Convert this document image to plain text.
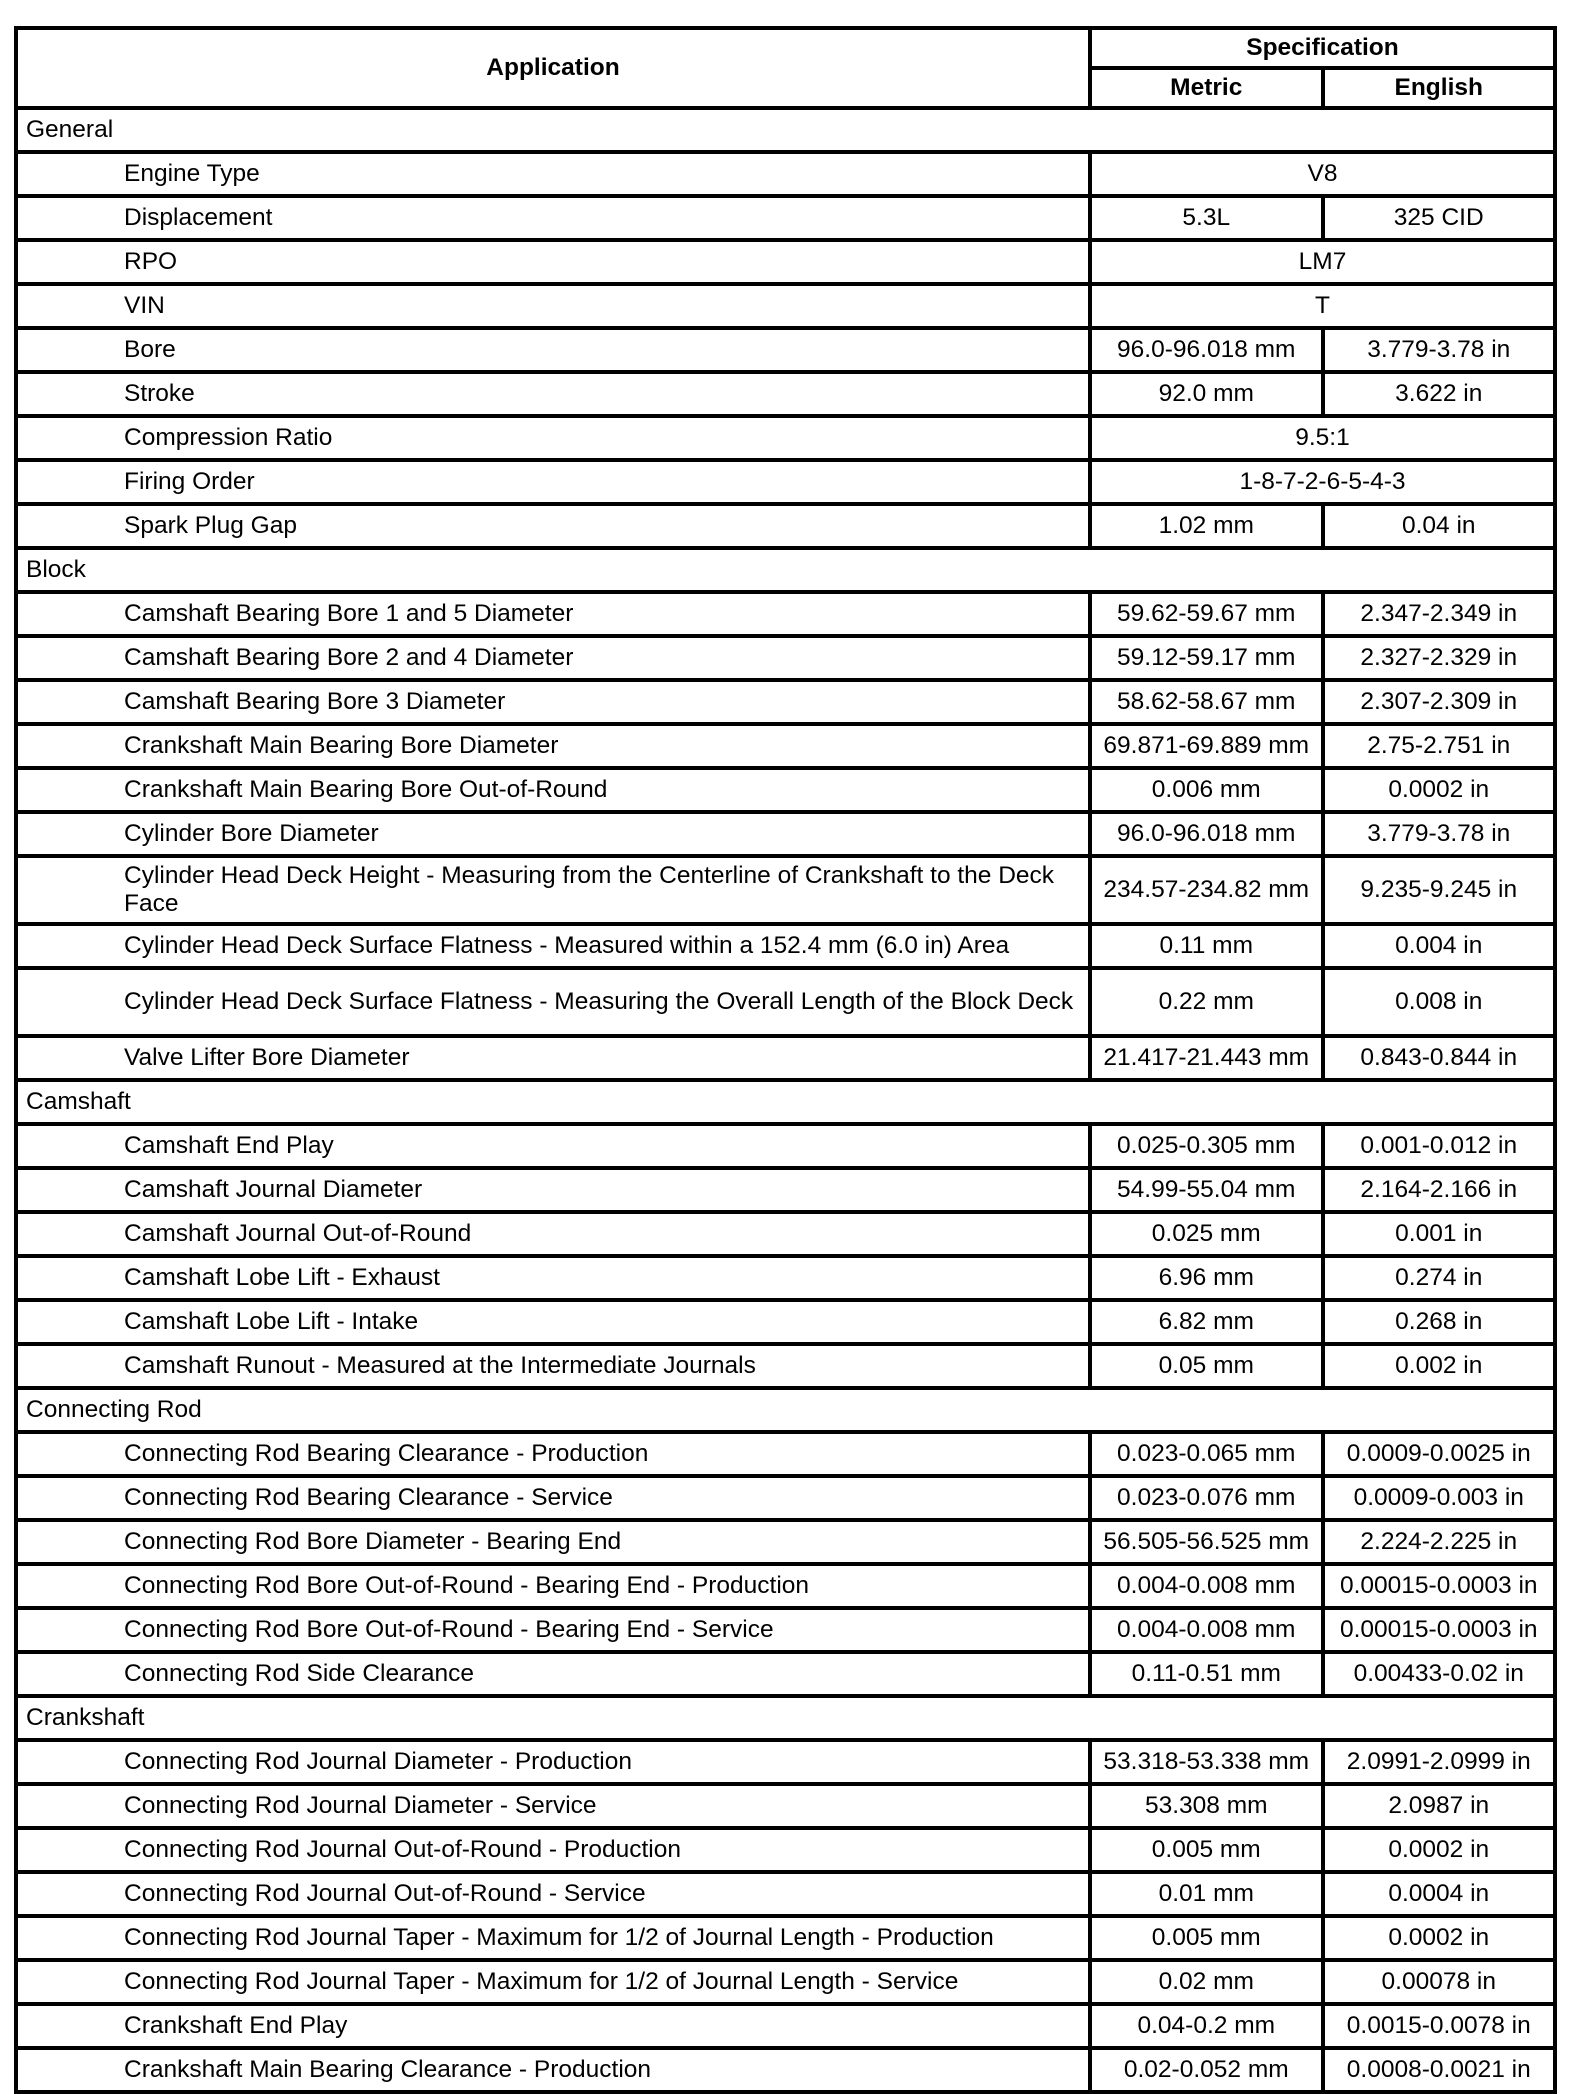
Application	Specification	
	Metric	English
General		
Engine Type	V8	
Displacement	5.3L	325 CID
RPO	LM7	
VIN	T	
Bore	96.0-96.018 mm	3.779-3.78 in
Stroke	92.0 mm	3.622 in
Compression Ratio	9.5:1	
Firing Order	1-8-7-2-6-5-4-3	
Spark Plug Gap	1.02 mm	0.04 in
Block		
Camshaft Bearing Bore 1 and 5 Diameter	59.62-59.67 mm	2.347-2.349 in
Camshaft Bearing Bore 2 and 4 Diameter	59.12-59.17 mm	2.327-2.329 in
Camshaft Bearing Bore 3 Diameter	58.62-58.67 mm	2.307-2.309 in
Crankshaft Main Bearing Bore Diameter	69.871-69.889 mm	2.75-2.751 in
Crankshaft Main Bearing Bore Out-of-Round	0.006 mm	0.0002 in
Cylinder Bore Diameter	96.0-96.018 mm	3.779-3.78 in
Cylinder Head Deck Height - Measuring from the Centerline of Crankshaft to the Deck Face	234.57-234.82 mm	9.235-9.245 in
Cylinder Head Deck Surface Flatness - Measured within a 152.4 mm (6.0 in) Area	0.11 mm	0.004 in
Cylinder Head Deck Surface Flatness - Measuring the Overall Length of the Block Deck	0.22 mm	0.008 in
Valve Lifter Bore Diameter	21.417-21.443 mm	0.843-0.844 in
Camshaft		
Camshaft End Play	0.025-0.305 mm	0.001-0.012 in
Camshaft Journal Diameter	54.99-55.04 mm	2.164-2.166 in
Camshaft Journal Out-of-Round	0.025 mm	0.001 in
Camshaft Lobe Lift - Exhaust	6.96 mm	0.274 in
Camshaft Lobe Lift - Intake	6.82 mm	0.268 in
Camshaft Runout - Measured at the Intermediate Journals	0.05 mm	0.002 in
Connecting Rod		
Connecting Rod Bearing Clearance - Production	0.023-0.065 mm	0.0009-0.0025 in
Connecting Rod Bearing Clearance - Service	0.023-0.076 mm	0.0009-0.003 in
Connecting Rod Bore Diameter - Bearing End	56.505-56.525 mm	2.224-2.225 in
Connecting Rod Bore Out-of-Round - Bearing End - Production	0.004-0.008 mm	0.00015-0.0003 in
Connecting Rod Bore Out-of-Round - Bearing End - Service	0.004-0.008 mm	0.00015-0.0003 in
Connecting Rod Side Clearance	0.11-0.51 mm	0.00433-0.02 in
Crankshaft		
Connecting Rod Journal Diameter - Production	53.318-53.338 mm	2.0991-2.0999 in
Connecting Rod Journal Diameter - Service	53.308 mm	2.0987 in
Connecting Rod Journal Out-of-Round - Production	0.005 mm	0.0002 in
Connecting Rod Journal Out-of-Round - Service	0.01 mm	0.0004 in
Connecting Rod Journal Taper - Maximum for 1/2 of Journal Length - Production	0.005 mm	0.0002 in
Connecting Rod Journal Taper - Maximum for 1/2 of Journal Length - Service	0.02 mm	0.00078 in
Crankshaft End Play	0.04-0.2 mm	0.0015-0.0078 in
Crankshaft Main Bearing Clearance - Production	0.02-0.052 mm	0.0008-0.0021 in
